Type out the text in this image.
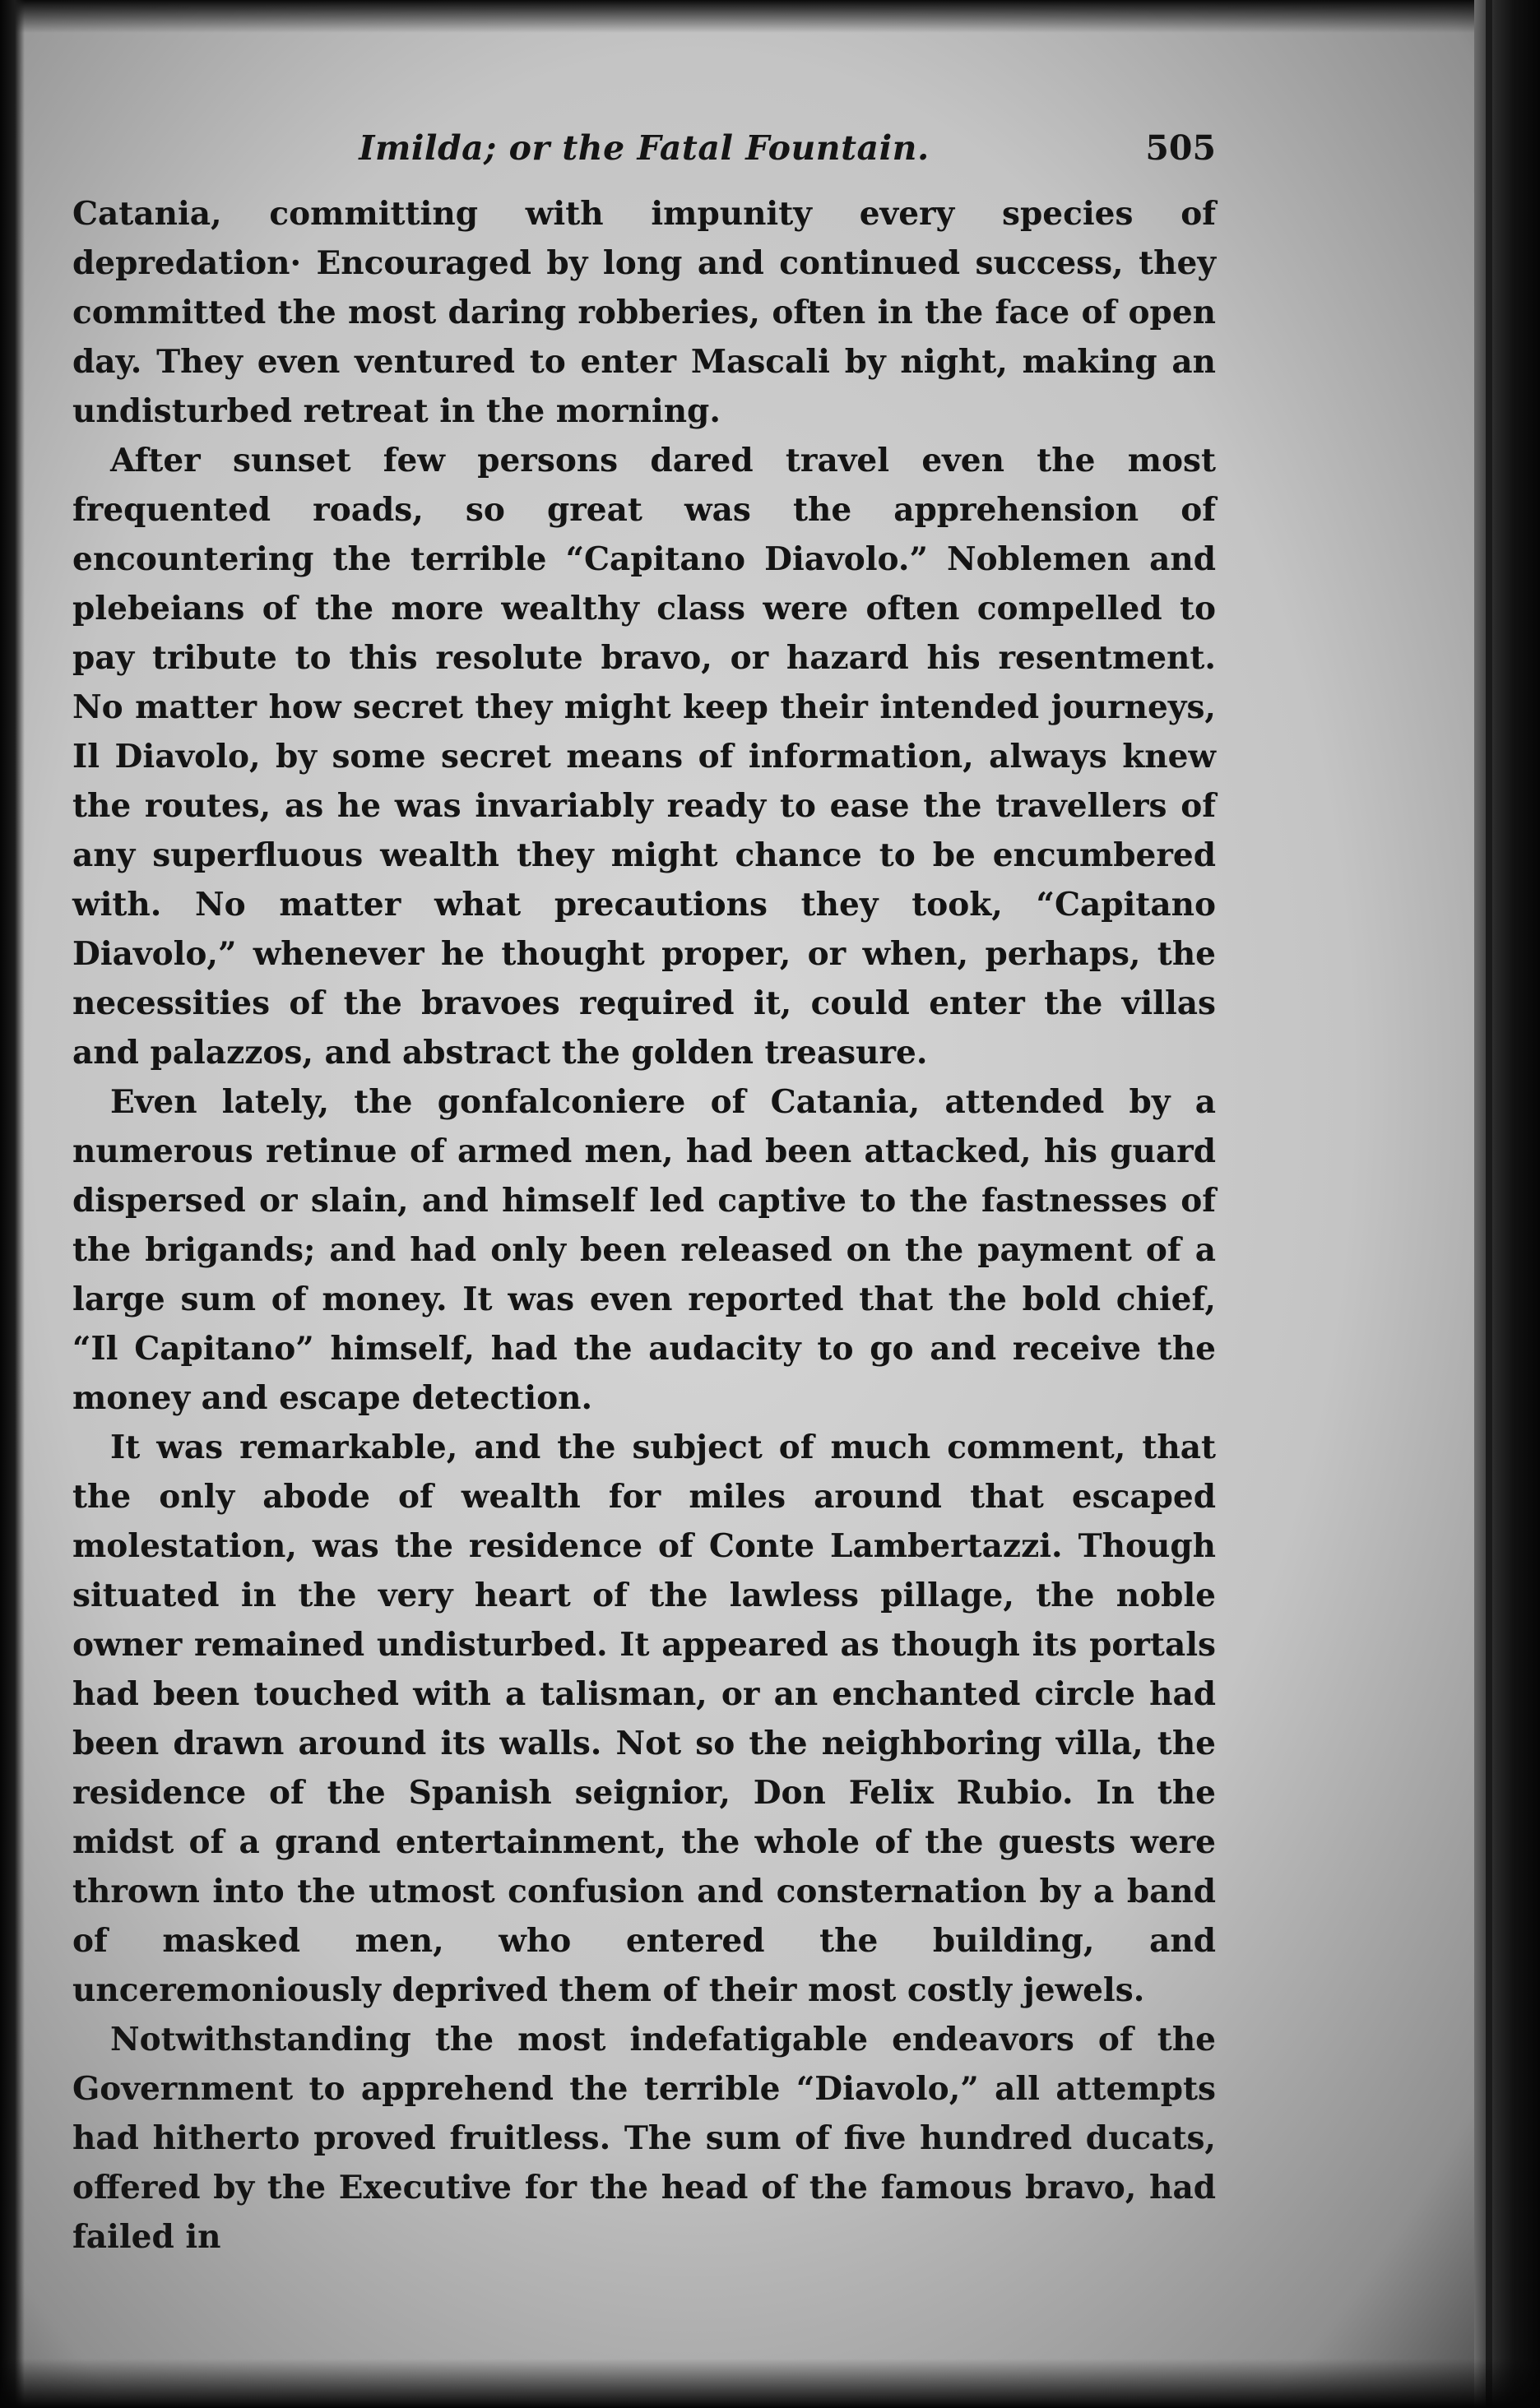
Imilda; or the Fatal Fountain.	505

Catania, committing with impunity every species of depredation· Encouraged by long and continued success, they committed the most daring robberies, often in the face of open day. They even ventured to enter Mascali by night, making an undisturbed retreat in the morning.

After sunset few persons dared travel even the most frequented roads, so great was the apprehension of encountering the terrible “Capitano Diavolo.” Noblemen and plebeians of the more wealthy class were often compelled to pay tribute to this resolute bravo, or hazard his resentment. No matter how secret they might keep their intended journeys, Il Diavolo, by some secret means of information, always knew the routes, as he was invariably ready to ease the travellers of any superfluous wealth they might chance to be encumbered with. No matter what precautions they took, “Capitano Diavolo,” whenever he thought proper, or when, perhaps, the necessities of the bravoes required it, could enter the villas and palazzos, and abstract the golden treasure.

Even lately, the gonfalconiere of Catania, attended by a numerous retinue of armed men, had been attacked, his guard dispersed or slain, and himself led captive to the fastnesses of the brigands; and had only been released on the payment of a large sum of money. It was even reported that the bold chief, “Il Capitano” himself, had the audacity to go and receive the money and escape detection.

It was remarkable, and the subject of much comment, that the only abode of wealth for miles around that escaped molestation, was the residence of Conte Lambertazzi. Though situated in the very heart of the lawless pillage, the noble owner remained undisturbed. It appeared as though its portals had been touched with a talisman, or an enchanted circle had been drawn around its walls. Not so the neighboring villa, the residence of the Spanish seignior, Don Felix Rubio. In the midst of a grand entertainment, the whole of the guests were thrown into the utmost confusion and consternation by a band of masked men, who entered the building, and unceremoniously deprived them of their most costly jewels.

Notwithstanding the most indefatigable endeavors of the Government to apprehend the terrible “Diavolo,” all attempts had hitherto proved fruitless. The sum of five hundred ducats, offered by the Executive for the head of the famous bravo, had failed in
